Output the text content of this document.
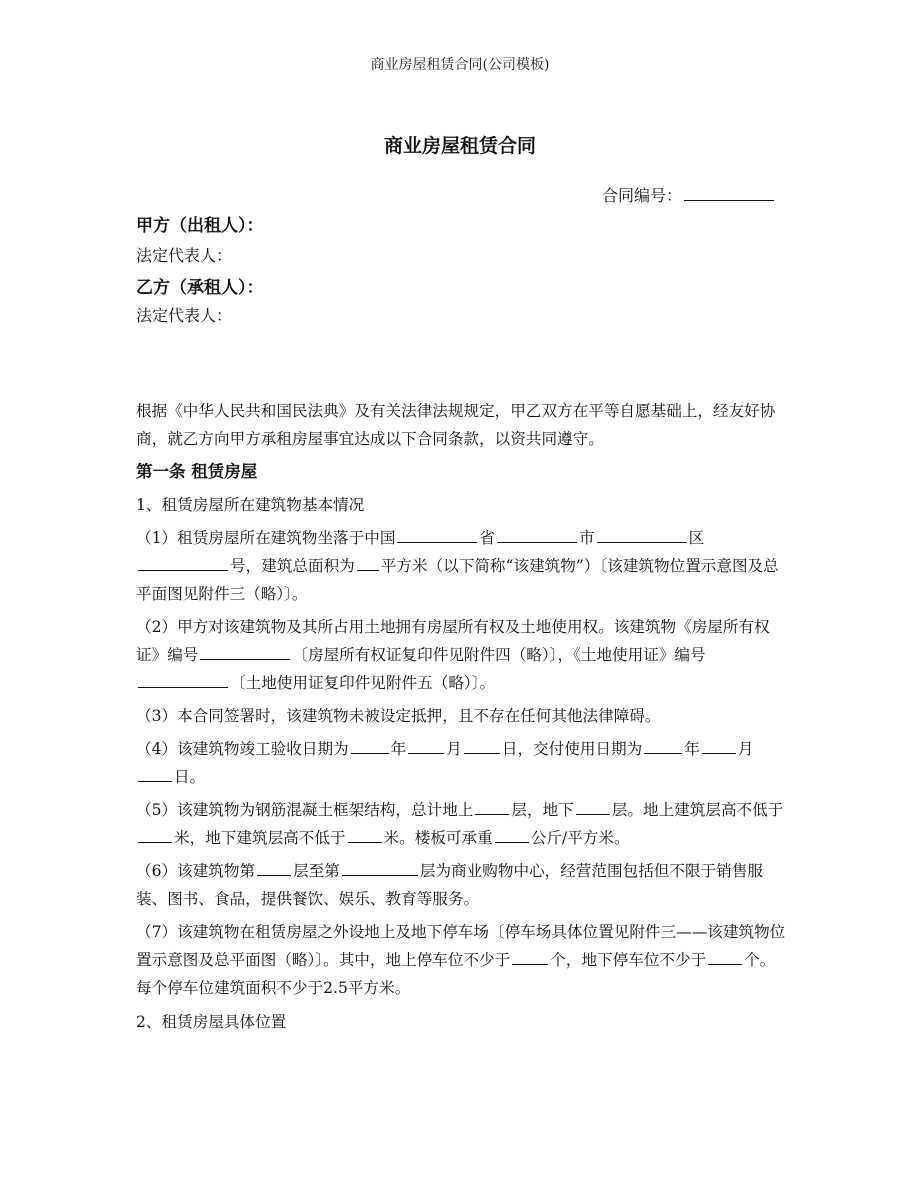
商业房屋租赁合同(公司模板)
商业房屋租赁合同
合同编号：
甲方（出租人）：
法定代表人：
乙方（承租人）：
法定代表人：

根据《中华人民共和国民法典》及有关法律法规规定，甲乙双方在平等自愿基础上，经友好协商，就乙方向甲方承租房屋事宜达成以下合同条款，以资共同遵守。

第一条 租赁房屋

1、租赁房屋所在建筑物基本情况

（1）租赁房屋所在建筑物坐落于中国	省	市	区号，建筑总面积为 平方米（以下简称“该建筑物”）〔该建筑物位置示意图及总平面图见附件三（略）〕。

（2）甲方对该建筑物及其所占用土地拥有房屋所有权及土地使用权。该建筑物《房屋所有权证》编号	〔房屋所有权证复印件见附件四（略）〕，《土地使用证》编号〔土地使用证复印件见附件五（略）〕。

（3）本合同签署时，该建筑物未被设定抵押，且不存在任何其他法律障碍。

（4）该建筑物竣工验收日期为	年	月	日，交付使用日期为	年 月日。

（5）该建筑物为钢筋混凝土框架结构，总计地上 层，地下 层。地上建筑层高不低于米，地下建筑层高不低于 米。楼板可承重 公斤/平方米。

（6）该建筑物第 层至第	层为商业购物中心，经营范围包括但不限于销售服装、图书、食品，提供餐饮、娱乐、教育等服务。

（7）该建筑物在租赁房屋之外设地上及地下停车场〔停车场具体位置见附件三——该建筑物位置示意图及总平面图（略）〕。其中，地上停车位不少于	个，地下停车位不少于 个。每个停车位建筑面积不少于2.5平方米。

2、租赁房屋具体位置
